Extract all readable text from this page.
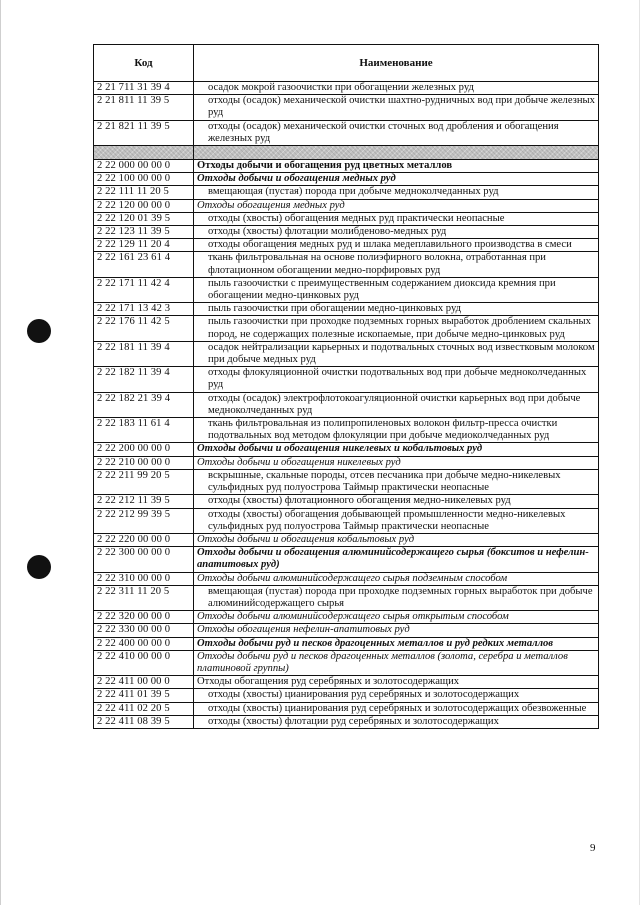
Код	Наименование
2 21 711 31 39 4	осадок мокрой газоочистки при обогащении железных руд
2 21 811 11 39 5	отходы (осадок) механической очистки шахтно-рудничных вод при добыче железных руд
2 21 821 11 39 5	отходы (осадок) механической очистки сточных вод дробления и обогащения железных руд

2 22 000 00 00 0	Отходы добычи и обогащения руд цветных металлов
2 22 100 00 00 0	Отходы добычи и обогащения медных руд
2 22 111 11 20 5	вмещающая (пустая) порода при добыче медноколчеданных руд
2 22 120 00 00 0	Отходы обогащения медных руд
2 22 120 01 39 5	отходы (хвосты) обогащения медных руд практически неопасные
2 22 123 11 39 5	отходы (хвосты) флотации молибденово-медных руд
2 22 129 11 20 4	отходы обогащения медных руд и шлака медеплавильного производства в смеси
2 22 161 23 61 4	ткань фильтровальная на основе полиэфирного волокна, отработанная при флотационном обогащении медно-порфировых руд
2 22 171 11 42 4	пыль газоочистки с преимущественным содержанием диоксида кремния при обогащении медно-цинковых руд
2 22 171 13 42 3	пыль газоочистки при обогащении медно-цинковых руд
2 22 176 11 42 5	пыль газоочистки при проходке подземных горных выработок дроблением скальных пород, не содержащих полезные ископаемые, при добыче медно-цинковых руд
2 22 181 11 39 4	осадок нейтрализации карьерных и подотвальных сточных вод известковым молоком при добыче медных руд
2 22 182 11 39 4	отходы флокуляционной очистки подотвальных вод при добыче медноколчеданных руд
2 22 182 21 39 4	отходы (осадок) электрофлотокоагуляционной очистки карьерных вод при добыче медноколчеданных руд
2 22 183 11 61 4	ткань фильтровальная из полипропиленовых волокон фильтр-пресса очистки подотвальных вод методом флокуляции при добыче медиоколчеданных руд
2 22 200 00 00 0	Отходы добычи и обогащения никелевых и кобальтовых руд
2 22 210 00 00 0	Отходы добычи и обогащения никелевых руд
2 22 211 99 20 5	вскрышные, скальные породы, отсев песчаника при добыче медно-никелевых сульфидных руд полуострова Таймыр практически неопасные
2 22 212 11 39 5	отходы (хвосты) флотационного обогащения медно-никелевых руд
2 22 212 99 39 5	отходы (хвосты) обогащения добывающей промышленности медно-никелевых сульфидных руд полуострова Таймыр практически неопасные
2 22 220 00 00 0	Отходы добычи и обогащения кобальтовых руд
2 22 300 00 00 0	Отходы добычи и обогащения алюминийсодержащего сырья (бокситов и нефелин-апатитовых руд)
2 22 310 00 00 0	Отходы добычи алюминийсодержащего сырья подземным способом
2 22 311 11 20 5	вмещающая (пустая) порода при проходке подземных горных выработок при добыче алюминийсодержащего сырья
2 22 320 00 00 0	Отходы добычи алюминийсодержащего сырья открытым способом
2 22 330 00 00 0	Отходы обогащения нефелин-апатитовых руд
2 22 400 00 00 0	Отходы добычи руд и песков драгоценных металлов и руд редких металлов
2 22 410 00 00 0	Отходы добычи руд и песков драгоценных металлов (золота, серебра и металлов платиновой группы)
2 22 411 00 00 0	Отходы обогащения руд серебряных и золотосодержащих
2 22 411 01 39 5	отходы (хвосты) цианирования руд серебряных и золотосодержащих
2 22 411 02 20 5	отходы (хвосты) цианирования руд серебряных и золотосодержащих обезвоженные
2 22 411 08 39 5	отходы (хвосты) флотации руд серебряных и золотосодержащих
9
